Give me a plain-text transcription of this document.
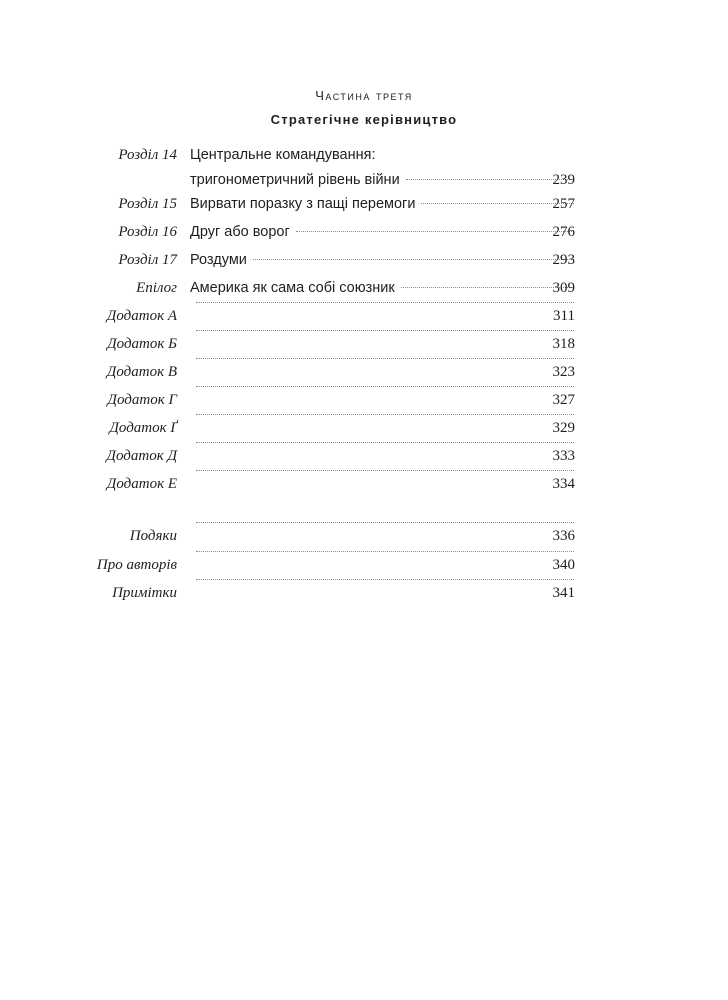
Частина третя
Стратегічне керівництво
Розділ 14 Центральне командування:
тригонометричний рівень війни	239
Розділ 15 Вирвати поразку з пащі перемоги	257
Розділ 16 Друг або ворог	276
Розділ 17 Роздуми	293
Епілог Америка як сама собі союзник	309
Додаток А	311
Додаток Б	318
Додаток В	323
Додаток Г	327
Додаток Ґ	329
Додаток Д	333
Додаток Е	334
Подяки	336
Про авторів	340
Примітки	341
